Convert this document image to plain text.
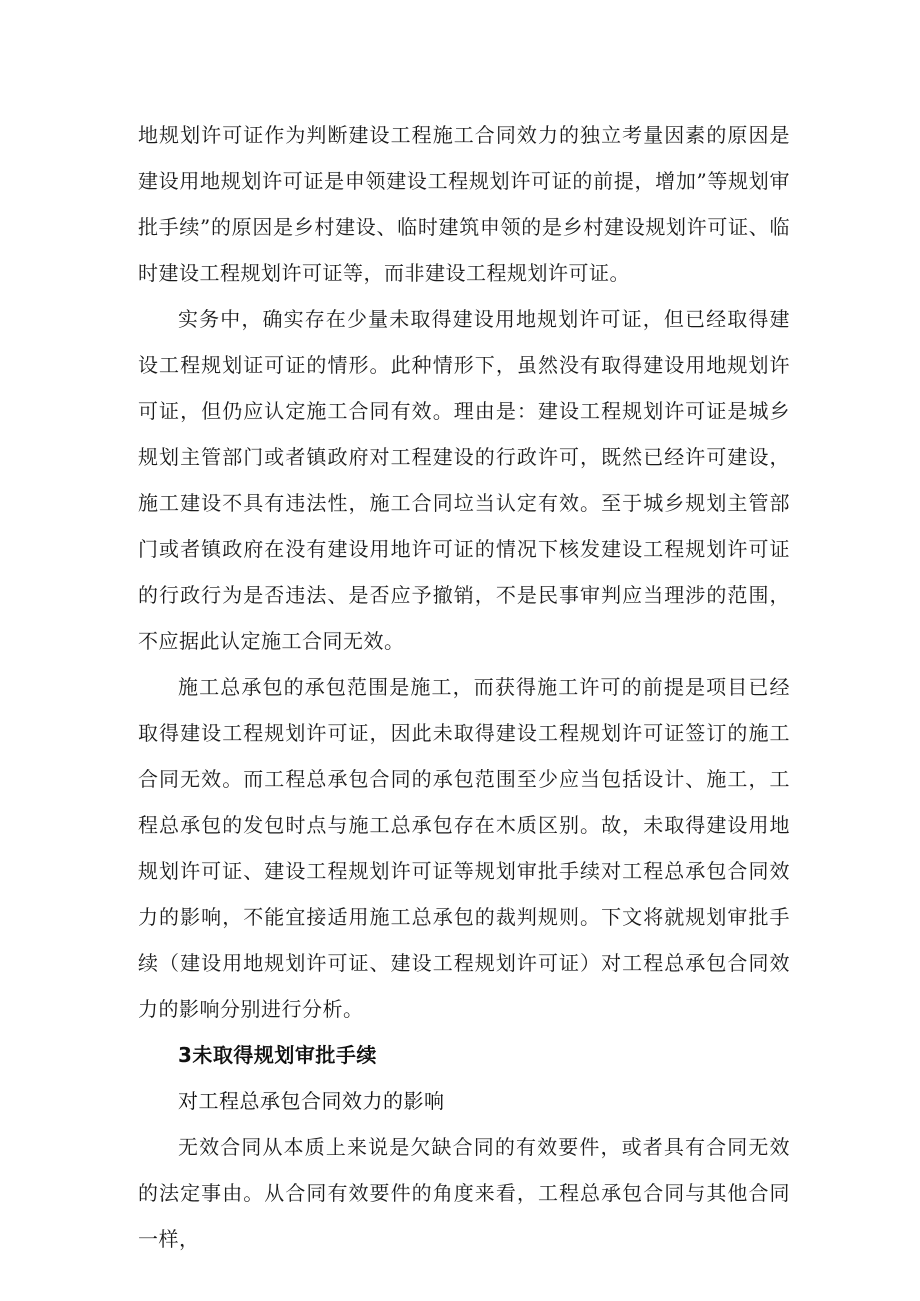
地规划许可证作为判断建设工程施工合同效力的独立考量因素的原因是建设用地规划许可证是申领建设工程规划许可证的前提，增加”等规划审批手续”的原因是乡村建设、临时建筑申领的是乡村建设规划许可证、临时建设工程规划许可证等，而非建设工程规划许可证。

实务中，确实存在少量未取得建设用地规划许可证，但已经取得建设工程规划证可证的情形。此种情形下，虽然没有取得建设用地规划许可证，但仍应认定施工合同有效。理由是：建设工程规划许可证是城乡规划主管部门或者镇政府对工程建设的行政许可，既然已经许可建设，施工建设不具有违法性，施工合同垃当认定有效。至于城乡规划主管部门或者镇政府在没有建设用地许可证的情况下核发建设工程规划许可证的行政行为是否违法、是否应予撤销，不是民事审判应当理涉的范围，不应据此认定施工合同无效。

施工总承包的承包范围是施工，而获得施工许可的前提是项目已经取得建设工程规划许可证，因此未取得建设工程规划许可证签订的施工合同无效。而工程总承包合同的承包范围至少应当包括设计、施工，工程总承包的发包时点与施工总承包存在木质区别。故，未取得建设用地规划许可证、建设工程规划许可证等规划审批手续对工程总承包合同效力的影响，不能宜接适用施工总承包的裁判规则。下文将就规划审批手续（建设用地规划许可证、建设工程规划许可证）对工程总承包合同效力的影响分别进行分析。

3未取得规划审批手续

对工程总承包合同效力的影响

无效合同从本质上来说是欠缺合同的有效要件，或者具有合同无效的法定事由。从合同有效要件的角度来看，工程总承包合同与其他合同一样，
